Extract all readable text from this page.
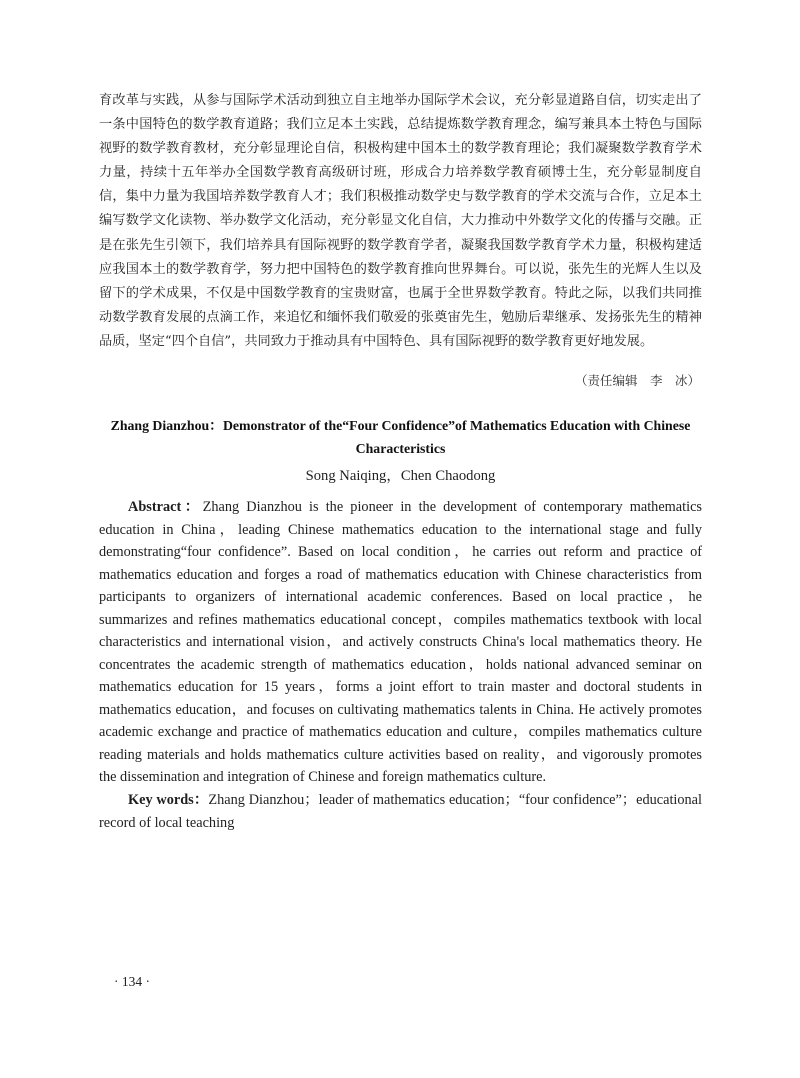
育改革与实践，从参与国际学术活动到独立自主地举办国际学术会议，充分彰显道路自信，切实走出了一条中国特色的数学教育道路；我们立足本土实践，总结提炼数学教育理念，编写兼具本土特色与国际视野的数学教育教材，充分彰显理论自信，积极构建中国本土的数学教育理论；我们凝聚数学教育学术力量，持续十五年举办全国数学教育高级研讨班，形成合力培养数学教育硕博士生，充分彰显制度自信，集中力量为我国培养数学教育人才；我们积极推动数学史与数学教育的学术交流与合作，立足本土编写数学文化读物、举办数学文化活动，充分彰显文化自信，大力推动中外数学文化的传播与交融。正是在张先生引领下，我们培养具有国际视野的数学教育学者，凝聚我国数学教育学术力量，积极构建适应我国本土的数学教育学，努力把中国特色的数学教育推向世界舞台。可以说，张先生的光辉人生以及留下的学术成果，不仅是中国数学教育的宝贵财富，也属于全世界数学教育。特此之际，以我们共同推动数学教育发展的点滴工作，来追忆和缅怀我们敬爱的张奠宙先生，勉励后辈继承、发扬张先生的精神品质，坚定“四个自信”，共同致力于推动具有中国特色、具有国际视野的数学教育更好地发展。

（责任编辑　李　冰）

Zhang Dianzhou：Demonstrator of the“Four Confidence”of Mathematics Education with Chinese Characteristics

Song Naiqing，Chen Chaodong

Abstract：Zhang Dianzhou is the pioneer in the development of contemporary mathematics education in China，leading Chinese mathematics education to the international stage and fully demonstrating“four confidence”. Based on local condition，he carries out reform and practice of mathematics education and forges a road of mathematics education with Chinese characteristics from participants to organizers of international academic conferences. Based on local practice，he summarizes and refines mathematics educational concept，compiles mathematics textbook with local characteristics and international vision，and actively constructs China's local mathematics theory. He concentrates the academic strength of mathematics education，holds national advanced seminar on mathematics education for 15 years，forms a joint effort to train master and doctoral students in mathematics education，and focuses on cultivating mathematics talents in China. He actively promotes academic exchange and practice of mathematics education and culture，compiles mathematics culture reading materials and holds mathematics culture activities based on reality，and vigorously promotes the dissemination and integration of Chinese and foreign mathematics culture.

Key words：Zhang Dianzhou；leader of mathematics education；“four confidence”；educational record of local teaching

· 134 ·
